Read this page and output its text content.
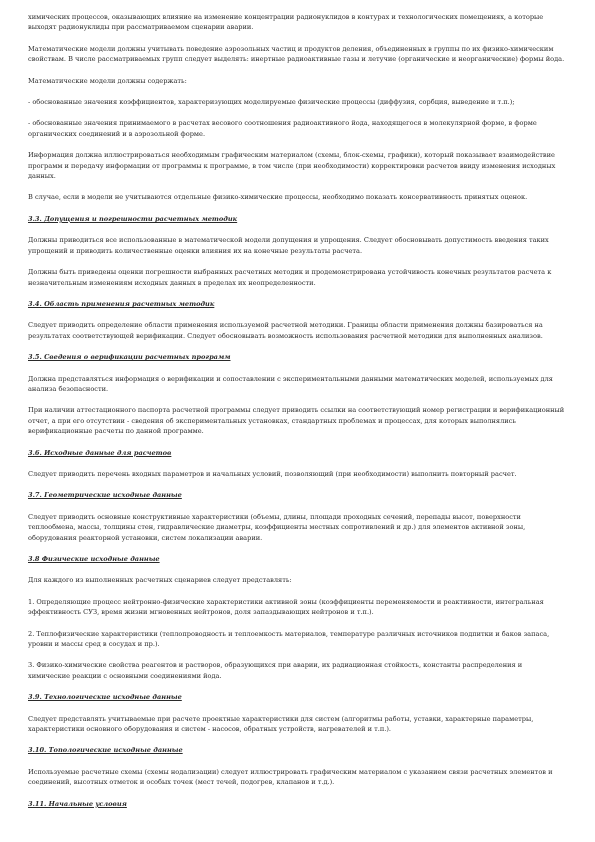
химических процессов, оказывающих влияние на изменение концентрации радионуклидов в контурах и технологических помещениях, а которые выходят радионуклиды при рассматриваемом сценарии аварии.

Математические модели должны учитывать поведение аэрозольных частиц и продуктов деления, объединенных в группы по их физико-химическим свойствам. В числе рассматриваемых групп следует выделять: инертные радиоактивные газы и летучие (органические и неорганические) формы йода.

Математические модели должны содержать:

- обоснованные значения коэффициентов, характеризующих моделируемые физические процессы (диффузия, сорбция, выведение и т.п.);

- обоснованные значения принимаемого в расчетах весового соотношения радиоактивного йода, находящегося в молекулярной форме, в форме органических соединений и в аэрозольной форме.

Информация должна иллюстрироваться необходимым графическим материалом (схемы, блок-схемы, графики), который показывает взаимодействие программ и передачу информации от программы к программе, в том числе (при необходимости) корректировки расчетов ввиду изменения исходных данных.

В случае, если в модели не учитываются отдельные физико-химические процессы, необходимо показать консервативность принятых оценок.

3.3. Допущения и погрешности расчетных методик

Должны приводиться все использованные в математической модели допущения и упрощения. Следует обосновывать допустимость введения таких упрощений и приводить количественные оценки влияния их на конечные результаты расчета.

Должны быть приведены оценки погрешности выбранных расчетных методик и продемонстрирована устойчивость конечных результатов расчета к незначительным изменениям исходных данных в пределах их неопределенности.

3.4. Область применения расчетных методик

Следует приводить определение области применения используемой расчетной методики. Границы области применения должны базироваться на результатах соответствующей верификации. Следует обосновывать возможность использования расчетной методики для выполненных анализов.

3.5. Сведения о верификации расчетных программ

Должна представляться информация о верификации и сопоставлении с экспериментальными данными математических моделей, используемых для анализа безопасности.

При наличии аттестационного паспорта расчетной программы следует приводить ссылки на соответствующий номер регистрации и верификационный отчет, а при его отсутствии - сведения об экспериментальных установках, стандартных проблемах и процессах, для которых выполнялись верификационные расчеты по данной программе.

3.6. Исходные данные для расчетов

Следует приводить перечень входных параметров и начальных условий, позволяющий (при необходимости) выполнить повторный расчет.

3.7. Геометрические исходные данные

Следует приводить основные конструктивные характеристики (объемы, длины, площади проходных сечений, перепады высот, поверхности теплообмена, массы, толщины стен, гидравлические диаметры, коэффициенты местных сопротивлений и др.) для элементов активной зоны, оборудования реакторной установки, систем локализации аварии.

3.8 Физические исходные данные

Для каждого из выполненных расчетных сценариев следует представлять:

1. Определяющие процесс нейтронно-физические характеристики активной зоны (коэффициенты переменяемости и реактивности, интегральная эффективность СУЗ, время жизни мгновенных нейтронов, доля запаздывающих нейтронов и т.п.).

2. Теплофизические характеристики (теплопроводность и теплоемкость материалов, температуре различных источников подпитки и баков запаса, уровни и массы сред в сосудах и пр.).

3. Физико-химические свойства реагентов и растворов, образующихся при аварии, их радиационная стойкость, константы распределения и химические реакции с основными соединениями йода.

3.9. Технологические исходные данные

Следует представлять учитываемые при расчете проектные характеристики для систем (алгоритмы работы, уставки, характерные параметры, характеристики основного оборудования и систем - насосов, обратных устройств, нагревателей и т.п.).

3.10. Топологические исходные данные

Используемые расчетные схемы (схемы нодализации) следует иллюстрировать графическим материалом с указанием связи расчетных элементов и соединений, высотных отметок и особых точек (мест течей, подогрев, клапанов и т.д.).

3.11. Начальные условия
